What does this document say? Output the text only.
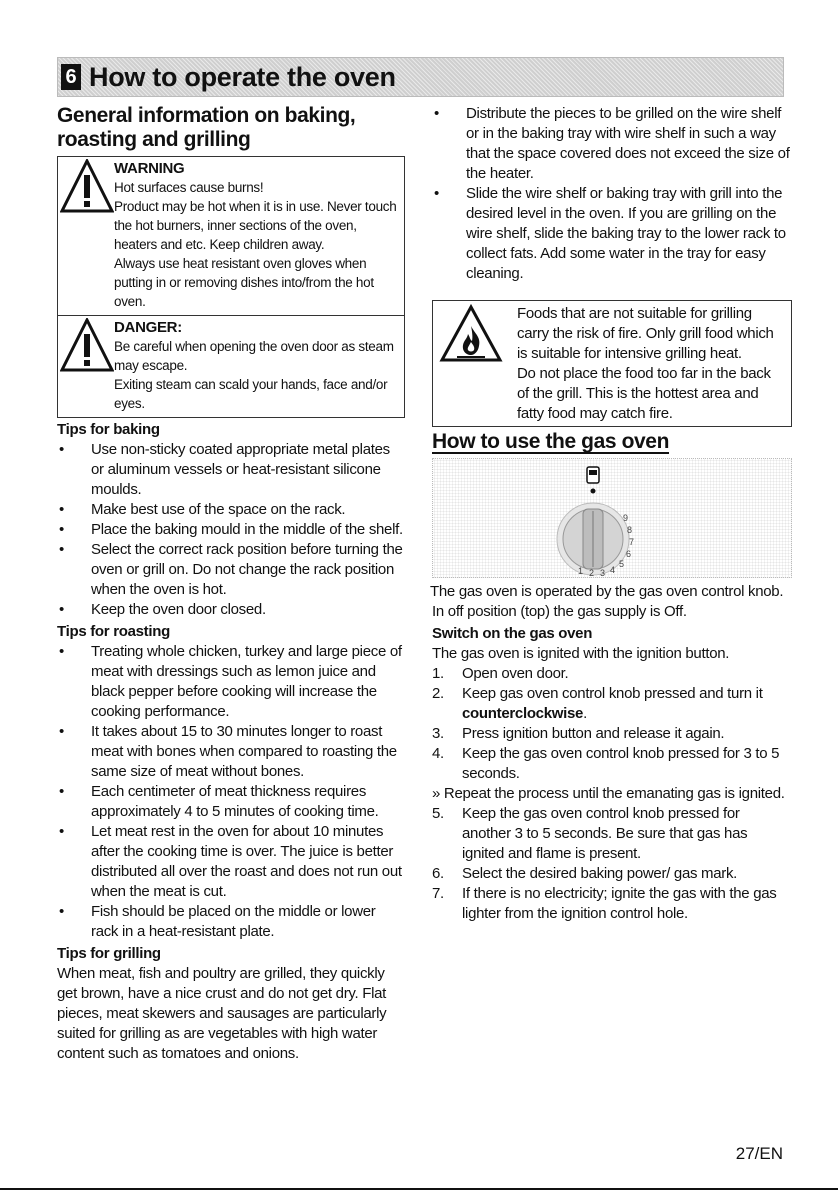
6 How to operate the oven
General information on baking, roasting and grilling
WARNING

Hot surfaces cause burns!

Product may be hot when it is in use. Never touch the hot burners, inner sections of the oven, heaters and etc. Keep children away.

Always use heat resistant oven gloves when putting in or removing dishes into/from the hot oven.

DANGER:

Be careful when opening the oven door as steam may escape.

Exiting steam can scald your hands, face and/or eyes.

Tips for baking
• Use non-sticky coated appropriate metal plates or aluminum vessels or heat-resistant silicone moulds.
• Make best use of the space on the rack.
• Place the baking mould in the middle of the shelf.
• Select the correct rack position before turning the oven or grill on. Do not change the rack position when the oven is hot.
• Keep the oven door closed.
Tips for roasting
• Treating whole chicken, turkey and large piece of meat with dressings such as lemon juice and black pepper before cooking will increase the cooking performance.
• It takes about 15 to 30 minutes longer to roast meat with bones when compared to roasting the same size of meat without bones.
• Each centimeter of meat thickness requires approximately 4 to 5 minutes of cooking time.
• Let meat rest in the oven for about 10 minutes after the cooking time is over. The juice is better distributed all over the roast and does not run out when the meat is cut.
• Fish should be placed on the middle or lower rack in a heat-resistant plate.
Tips for grilling

When meat, fish and poultry are grilled, they quickly get brown, have a nice crust and do not get dry. Flat pieces, meat skewers and sausages are particularly suited for grilling as are vegetables with high water content such as tomatoes and onions.

• Distribute the pieces to be grilled on the wire shelf or in the baking tray with wire shelf in such a way that the space covered does not exceed the size of the heater.
• Slide the wire shelf or baking tray with grill into the desired level in the oven. If you are grilling on the wire shelf, slide the baking tray to the lower rack to collect fats. Add some water in the tray for easy cleaning.

Foods that are not suitable for grilling carry the risk of fire. Only grill food which is suitable for intensive grilling heat.

Do not place the food too far in the back of the grill. This is the hottest area and fatty food may catch fire.

How to use the gas oven
9
8
7
6
5
4
3
2
1

The gas oven is operated by the gas oven control knob.

In off position (top) the gas supply is Off.

Switch on the gas oven

The gas oven is ignited with the ignition button.

1. Open oven door.
2. Keep gas oven control knob pressed and turn it
counterclockwise.
3. Press ignition button and release it again.
4. Keep the gas oven control knob pressed for 3 to 5 seconds.

» Repeat the process until the emanating gas is ignited.

5. Keep the gas oven control knob pressed for another 3 to 5 seconds. Be sure that gas has ignited and flame is present.
6. Select the desired baking power/ gas mark.
7. If there is no electricity; ignite the gas with the gas lighter from the ignition control hole.
27/EN
